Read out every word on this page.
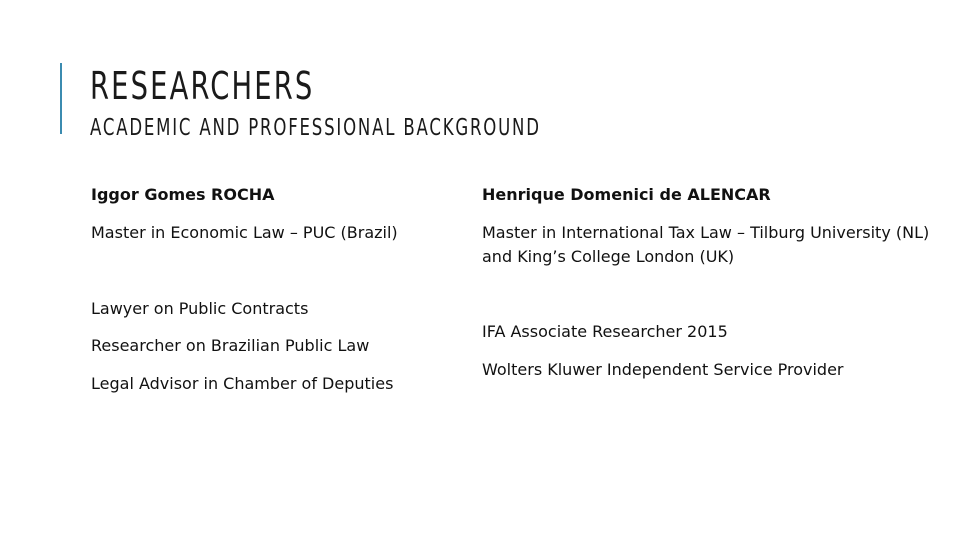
RESEARCHERS
ACADEMIC AND PROFESSIONAL BACKGROUND
Iggor Gomes ROCHA
Master in Economic Law – PUC (Brazil)
Lawyer on Public Contracts
Researcher on Brazilian Public Law
Legal Advisor in Chamber of Deputies
Henrique Domenici de ALENCAR
Master in International Tax Law – Tilburg University (NL) and King’s College London (UK)
IFA Associate Researcher 2015
Wolters Kluwer Independent Service Provider
